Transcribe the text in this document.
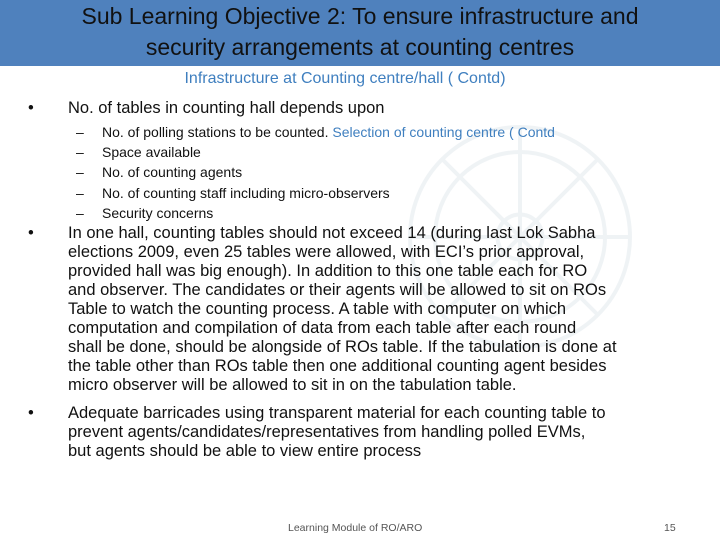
Sub Learning Objective 2: To ensure infrastructure and
security arrangements at counting centres
Infrastructure at Counting centre/hall ( Contd)
• No. of tables in counting hall depends upon
– No. of polling stations to be counted. Selection of counting centre ( Contd
– Space available
– No. of counting agents
– No. of counting staff including micro-observers
– Security concerns
• In one hall, counting tables should not exceed 14 (during last Lok Sabha
elections 2009, even 25 tables were allowed, with ECI’s prior approval,
provided hall was big enough). In addition to this one table each for RO
and observer. The candidates or their agents will be allowed to sit on ROs
Table to watch the counting process. A table with computer on which
computation and compilation of data from each table after each round
shall be done, should be alongside of ROs table. If the tabulation is done at
the table other than ROs table then one additional counting agent besides
micro observer will be allowed to sit in on the tabulation table.
• Adequate barricades using transparent material for each counting table to
prevent agents/candidates/representatives from handling polled EVMs,
but agents should be able to view entire process
Learning Module of RO/ARO	15
